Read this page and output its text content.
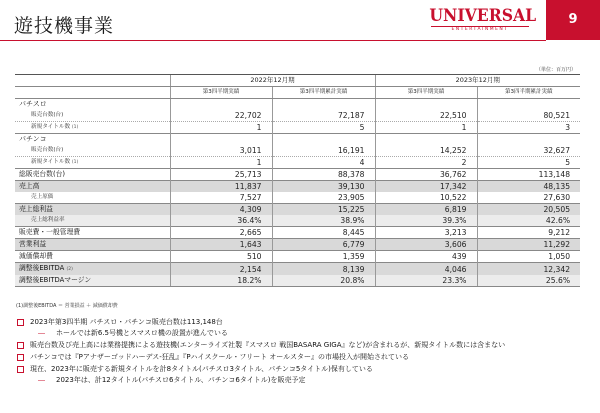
遊技機事業	UNIVERSAL
ENTERTAINMENT
9
（単位：百万円）
	2022年12月期		2023年12月期	
	第3四半期実績	第3四半期累計実績	第3四半期実績	第3四半期累計実績
パチスロ				
販売台数(台)	22,702	72,187	22,510	80,521
新規タイトル数 (1)	1	5	1	3
パチンコ				
販売台数(台)	3,011	16,191	14,252	32,627
新規タイトル数 (1)	1	4	2	5
総販売台数(台)	25,713	88,378	36,762	113,148
売上高	11,837	39,130	17,342	48,135
売上原価	7,527	23,905	10,522	27,630
売上総利益	4,309	15,225	6,819	20,505
売上総利益率	36.4%	38.9%	39.3%	42.6%
販売費・一般管理費	2,665	8,445	3,213	9,212
営業利益	1,643	6,779	3,606	11,292
減価償却費	510	1,359	439	1,050
調整後EBITDA (2)	2,154	8,139	4,046	12,342
調整後EBITDAマージン	18.2%	20.8%	23.3%	25.6%
(1)調整後EBITDA ＝ 営業損益 ＋ 減価償却費
2023年第3四半期 パチスロ・パチンコ販売台数は113,148台
― ホールでは新6.5号機とスマスロ機の設置が進んでいる
販売台数及び売上高には業務提携による遊技機(エンターライズ社製『スマスロ 戦国BASARA GIGA』など)が含まれるが、新規タイトル数には含まない
パチンコでは『Pアナザーゴッドハーデス-狂乱』『Pハイスクール・フリート オールスター』の市場投入が開始されている
現在、2023年に販売する新規タイトルを計8タイトル(パチスロ3タイトル、パチンコ5タイトル)保有している
― 2023年は、計12タイトル(パチスロ6タイトル、パチンコ6タイトル)を販売予定
